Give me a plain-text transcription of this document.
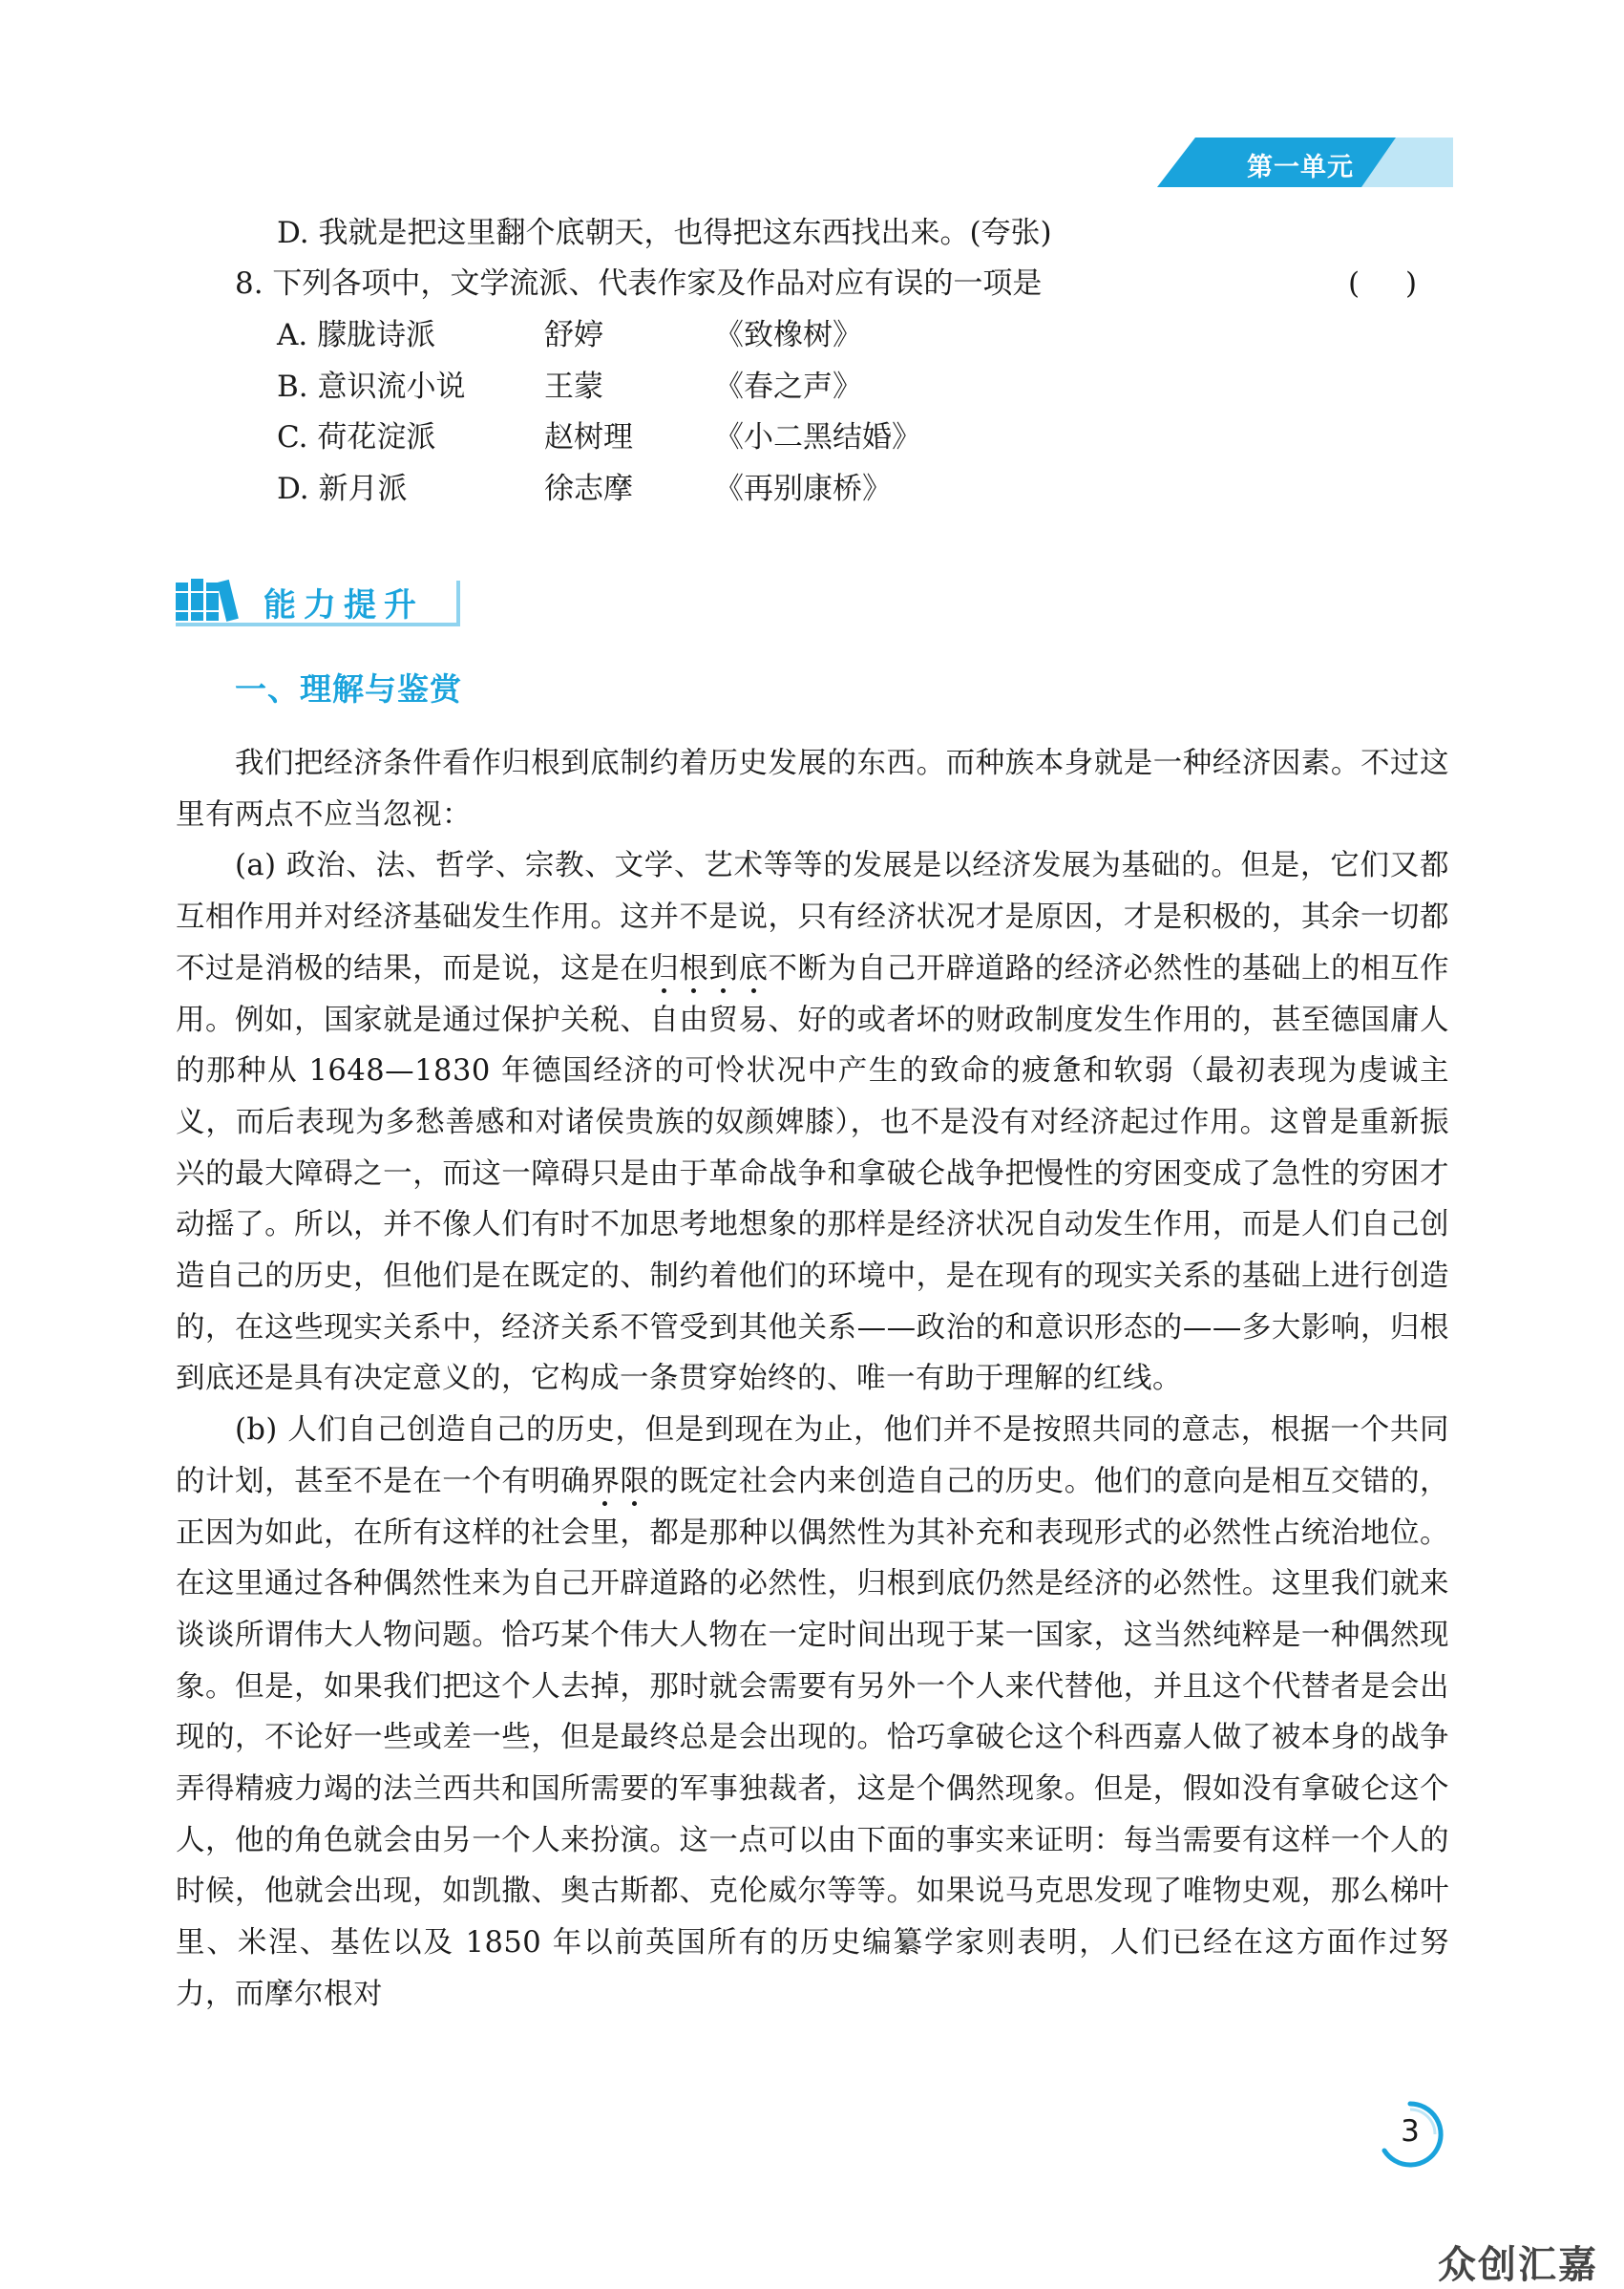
第一单元
D. 我就是把这里翻个底朝天，也得把这东西找出来。(夸张)
8. 下列各项中，文学流派、代表作家及作品对应有误的一项是	( )
A. 朦胧诗派	舒婷	《致橡树》
B. 意识流小说	王蒙	《春之声》
C. 荷花淀派	赵树理	《小二黑结婚》
D. 新月派	徐志摩	《再别康桥》
能力提升
一、理解与鉴赏

我们把经济条件看作归根到底制约着历史发展的东西。而种族本身就是一种经济因素。不过这里有两点不应当忽视：

(a) 政治、法、哲学、宗教、文学、艺术等等的发展是以经济发展为基础的。但是，它们又都互相作用并对经济基础发生作用。这并不是说，只有经济状况才是原因，才是积极的，其余一切都不过是消极的结果，而是说，这是在归根到底不断为自己开辟道路的经济必然性的基础上的相互作用。例如，国家就是通过保护关税、自由贸易、好的或者坏的财政制度发生作用的，甚至德国庸人的那种从 1648—1830 年德国经济的可怜状况中产生的致命的疲惫和软弱（最初表现为虔诚主义，而后表现为多愁善感和对诸侯贵族的奴颜婢膝），也不是没有对经济起过作用。这曾是重新振兴的最大障碍之一，而这一障碍只是由于革命战争和拿破仑战争把慢性的穷困变成了急性的穷困才动摇了。所以，并不像人们有时不加思考地想象的那样是经济状况自动发生作用，而是人们自己创造自己的历史，但他们是在既定的、制约着他们的环境中，是在现有的现实关系的基础上进行创造的，在这些现实关系中，经济关系不管受到其他关系——政治的和意识形态的——多大影响，归根到底还是具有决定意义的，它构成一条贯穿始终的、唯一有助于理解的红线。

(b) 人们自己创造自己的历史，但是到现在为止，他们并不是按照共同的意志，根据一个共同的计划，甚至不是在一个有明确界限的既定社会内来创造自己的历史。他们的意向是相互交错的，正因为如此，在所有这样的社会里，都是那种以偶然性为其补充和表现形式的必然性占统治地位。在这里通过各种偶然性来为自己开辟道路的必然性，归根到底仍然是经济的必然性。这里我们就来谈谈所谓伟大人物问题。恰巧某个伟大人物在一定时间出现于某一国家，这当然纯粹是一种偶然现象。但是，如果我们把这个人去掉，那时就会需要有另外一个人来代替他，并且这个代替者是会出现的，不论好一些或差一些，但是最终总是会出现的。恰巧拿破仑这个科西嘉人做了被本身的战争弄得精疲力竭的法兰西共和国所需要的军事独裁者，这是个偶然现象。但是，假如没有拿破仑这个人，他的角色就会由另一个人来扮演。这一点可以由下面的事实来证明：每当需要有这样一个人的时候，他就会出现，如凯撒、奥古斯都、克伦威尔等等。如果说马克思发现了唯物史观，那么梯叶里、米涅、基佐以及 1850 年以前英国所有的历史编纂学家则表明，人们已经在这方面作过努力，而摩尔根对

3
众创汇嘉
